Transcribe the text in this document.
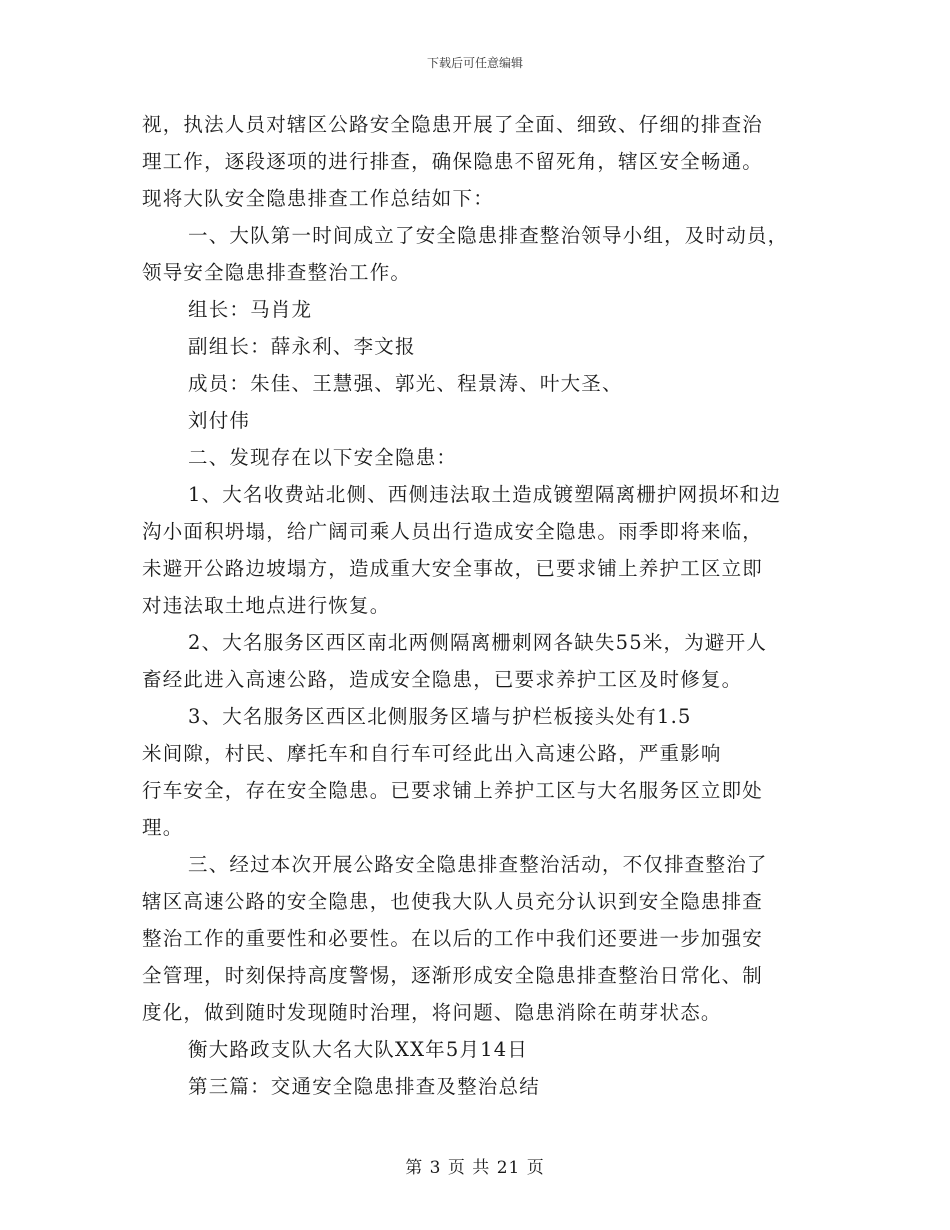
下载后可任意编辑
视，执法人员对辖区公路安全隐患开展了全面、细致、仔细的排查治
理工作，逐段逐项的进行排查，确保隐患不留死角，辖区安全畅通。
现将大队安全隐患排查工作总结如下：
一、大队第一时间成立了安全隐患排查整治领导小组，及时动员，
领导安全隐患排查整治工作。
组长：马肖龙
副组长：薛永利、李文报
成员：朱佳、王慧强、郭光、程景涛、叶大圣、
刘付伟
二、发现存在以下安全隐患：
1、大名收费站北侧、西侧违法取土造成镀塑隔离栅护网损坏和边
沟小面积坍塌，给广阔司乘人员出行造成安全隐患。雨季即将来临，
未避开公路边坡塌方，造成重大安全事故，已要求铺上养护工区立即
对违法取土地点进行恢复。
2、大名服务区西区南北两侧隔离栅刺网各缺失55米，为避开人
畜经此进入高速公路，造成安全隐患，已要求养护工区及时修复。
3、大名服务区西区北侧服务区墙与护栏板接头处有1.5
米间隙，村民、摩托车和自行车可经此出入高速公路，严重影响
行车安全，存在安全隐患。已要求铺上养护工区与大名服务区立即处
理。
三、经过本次开展公路安全隐患排查整治活动，不仅排查整治了
辖区高速公路的安全隐患，也使我大队人员充分认识到安全隐患排查
整治工作的重要性和必要性。在以后的工作中我们还要进一步加强安
全管理，时刻保持高度警惕，逐渐形成安全隐患排查整治日常化、制
度化，做到随时发现随时治理，将问题、隐患消除在萌芽状态。
衡大路政支队大名大队XX年5月14日
第三篇：交通安全隐患排查及整治总结
第 3 页 共 21 页
